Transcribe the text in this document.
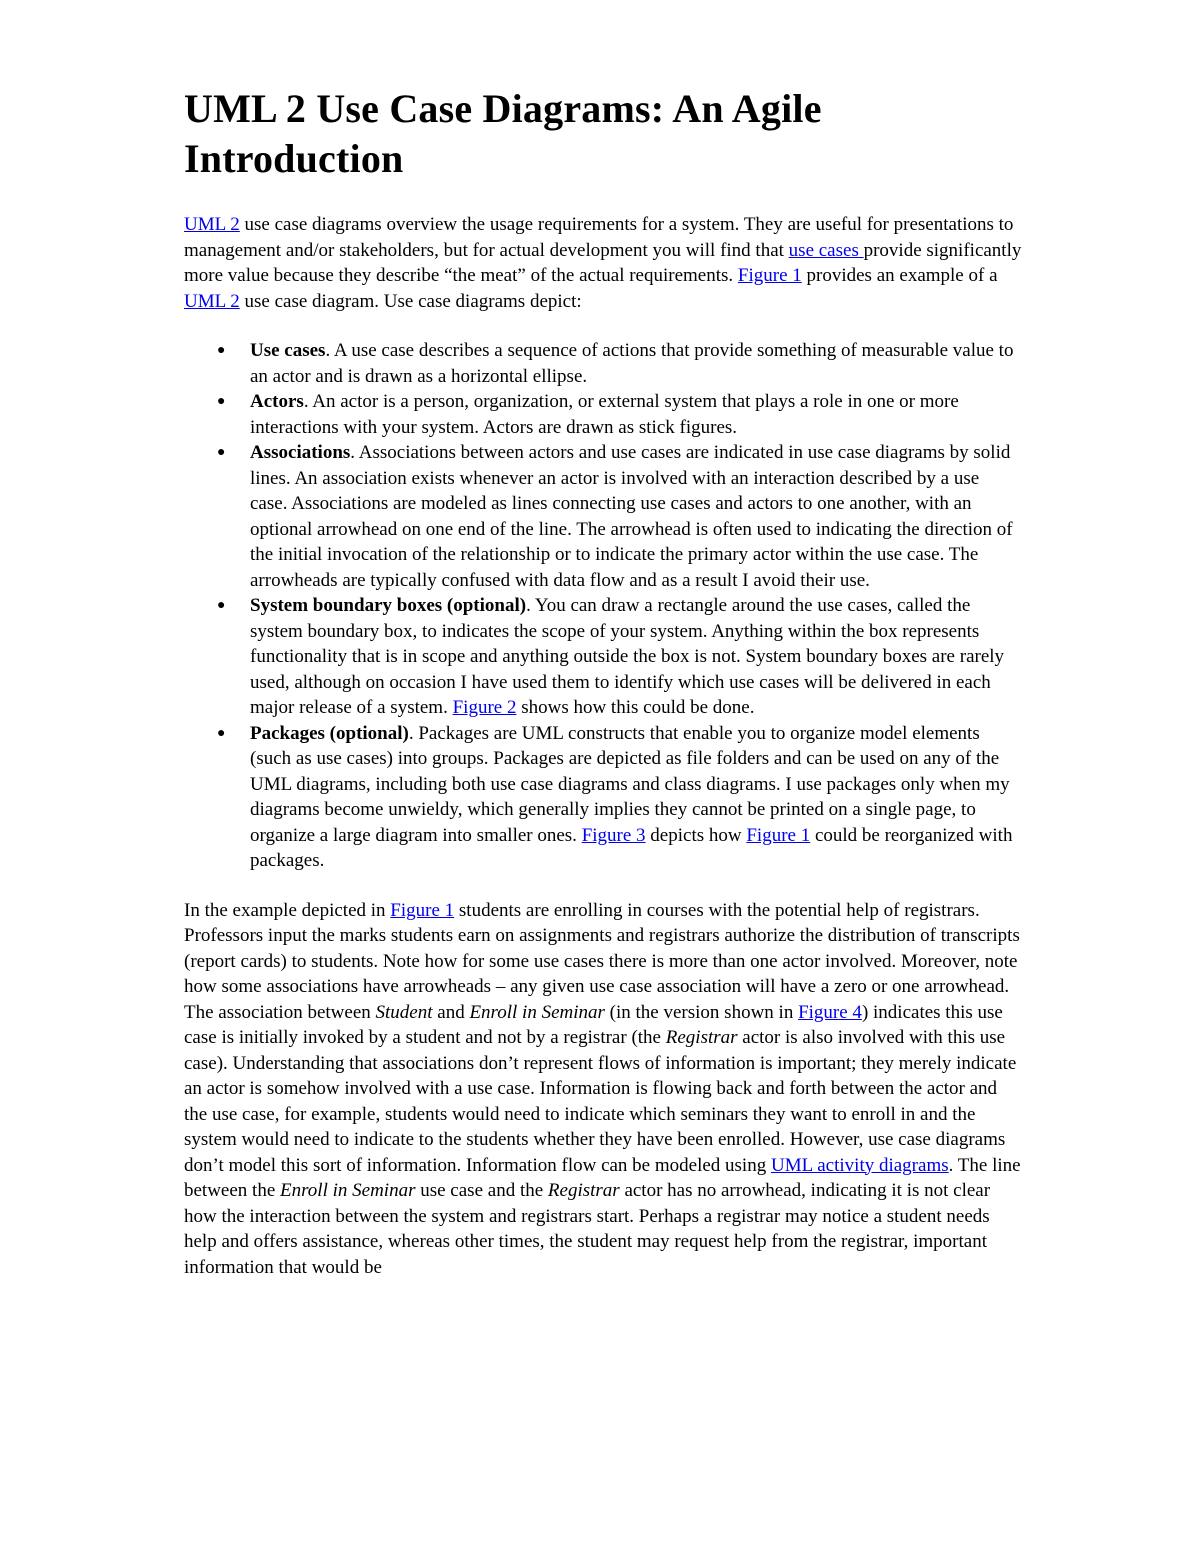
UML 2 Use Case Diagrams: An Agile Introduction

UML 2 use case diagrams overview the usage requirements for a system. They are useful for presentations to management and/or stakeholders, but for actual development you will find that use cases provide significantly more value because they describe “the meat” of the actual requirements. Figure 1 provides an example of a UML 2 use case diagram. Use case diagrams depict:

● Use cases. A use case describes a sequence of actions that provide something of measurable value to an actor and is drawn as a horizontal ellipse.
● Actors. An actor is a person, organization, or external system that plays a role in one or more interactions with your system. Actors are drawn as stick figures.
● Associations. Associations between actors and use cases are indicated in use case diagrams by solid lines. An association exists whenever an actor is involved with an interaction described by a use case. Associations are modeled as lines connecting use cases and actors to one another, with an optional arrowhead on one end of the line. The arrowhead is often used to indicating the direction of the initial invocation of the relationship or to indicate the primary actor within the use case. The arrowheads are typically confused with data flow and as a result I avoid their use.
● System boundary boxes (optional). You can draw a rectangle around the use cases, called the system boundary box, to indicates the scope of your system. Anything within the box represents functionality that is in scope and anything outside the box is not. System boundary boxes are rarely used, although on occasion I have used them to identify which use cases will be delivered in each major release of a system. Figure 2 shows how this could be done.
● Packages (optional). Packages are UML constructs that enable you to organize model elements (such as use cases) into groups. Packages are depicted as file folders and can be used on any of the UML diagrams, including both use case diagrams and class diagrams. I use packages only when my diagrams become unwieldy, which generally implies they cannot be printed on a single page, to organize a large diagram into smaller ones. Figure 3 depicts how Figure 1 could be reorganized with packages.

In the example depicted in Figure 1 students are enrolling in courses with the potential help of registrars. Professors input the marks students earn on assignments and registrars authorize the distribution of transcripts (report cards) to students. Note how for some use cases there is more than one actor involved. Moreover, note how some associations have arrowheads – any given use case association will have a zero or one arrowhead. The association between Student and Enroll in Seminar (in the version shown in Figure 4) indicates this use case is initially invoked by a student and not by a registrar (the Registrar actor is also involved with this use case). Understanding that associations don’t represent flows of information is important; they merely indicate an actor is somehow involved with a use case. Information is flowing back and forth between the actor and the use case, for example, students would need to indicate which seminars they want to enroll in and the system would need to indicate to the students whether they have been enrolled. However, use case diagrams don’t model this sort of information. Information flow can be modeled using UML activity diagrams. The line between the Enroll in Seminar use case and the Registrar actor has no arrowhead, indicating it is not clear how the interaction between the system and registrars start. Perhaps a registrar may notice a student needs help and offers assistance, whereas other times, the student may request help from the registrar, important information that would be
